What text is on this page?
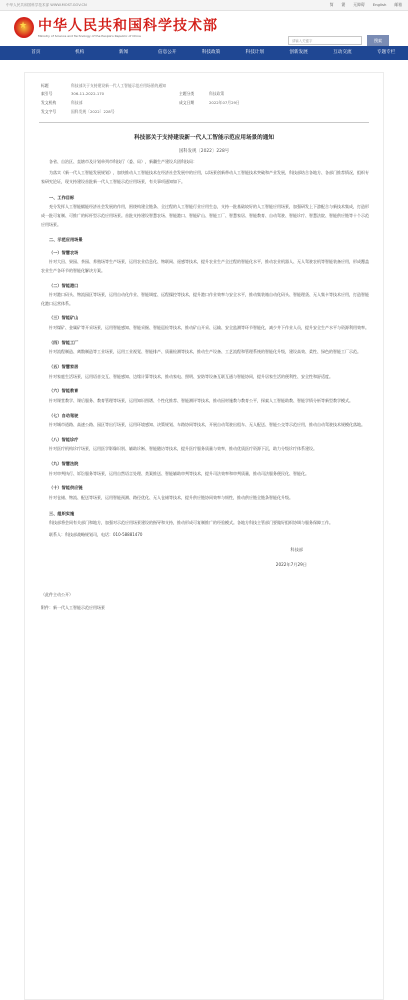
中华人民共和国科学技术部 WWW.MOST.GOV.CN	简 繁 无障碍 English 邮箱
★
中华人民共和国科学技术部
Ministry of Science and Technology of the People's Republic of China
请输入关键字	搜索
首页	机构	新闻	信息公开	科技政策	科技计划	创新发展	互动交流	专题专栏
标题	科技部关于支持建设新一代人工智能示范应用场景的通知
索引号	306-11-2022-170	主题分类	科技政策
发文机构	科技部	成文日期	2022年07月29日
发文字号	国科发规〔2022〕228号
科技部关于支持建设新一代人工智能示范应用场景的通知
国科发规〔2022〕228号
各省、自治区、直辖市及计划单列市科技厅（委、局），新疆生产建设兵团科技局：
为落实《新一代人工智能发展规划》，加快推动人工智能技术在经济社会发展中的应用，以场景创新带动人工智能技术突破和产业发展，科技部结合各地方、各部门推荐情况，组织专家研究论证，现支持建设首批新一代人工智能示范应用场景，有关事项通知如下。
一、工作目标
充分发挥人工智能赋能经济社会发展的作用，围绕构建全链条、全过程的人工智能行业应用生态，支持一批基础较好的人工智能应用场景，加强研发上下游配合与新技术集成，打造形成一批可复制、可推广的标杆型示范应用场景。首批支持建设智慧农场、智能港口、智能矿山、智能工厂、智慧家居、智能教育、自动驾驶、智能诊疗、智慧法院、智能供应链等十个示范应用场景。
二、示范应用场景
（一）智慧农场
针对大田、果园、茶园、养殖场等生产场景，运用农业信息化、物联网、遥感等技术，提升农业生产全过程的智能化水平，推动农业机器人、无人驾驶农机等智能装备应用，形成覆盖农业生产各环节的智能化解决方案。
（二）智能港口
针对港口码头、物流园区等场景，运用自动化作业、智能调度、远程操控等技术，提升港口作业效率与安全水平，推动集装箱自动化码头、智能理货、无人集卡等技术应用，打造智能化港口运营体系。
（三）智能矿山
针对煤矿、金属矿等开采场景，运用智能感知、智能采掘、智能巡检等技术，推动矿山开采、运输、安全监测等环节智能化，减少井下作业人员，提升安全生产水平与资源利用效率。
（四）智能工厂
针对流程制造、离散制造等工业场景，运用工业视觉、智能排产、质量检测等技术，推动生产设备、工艺流程和管理系统的智能化升级，建设高效、柔性、绿色的智能工厂示范。
（五）智慧家居
针对家庭生活场景，运用语音交互、智能感知、边缘计算等技术，推动家电、照明、安防等设备互联互通与智能协同，提升居家生活的便利性、安全性和舒适度。
（六）智能教育
针对课堂教学、课后服务、教育管理等场景，运用知识图谱、个性化推荐、智能测评等技术，推动因材施教与教育公平，探索人工智能助教、智能学情分析等新型教学模式。
（七）自动驾驶
针对城市道路、高速公路、园区等出行场景，运用环境感知、决策规划、车路协同等技术，开展自动驾驶出租车、无人配送、智能公交等示范应用，推动自动驾驶技术规模化落地。
（八）智能诊疗
针对医疗机构诊疗场景，运用医学影像识别、辅助诊断、智能随访等技术，提升医疗服务质量与效率，推动优质医疗资源下沉，助力分级诊疗体系建设。
（九）智慧法院
针对审判执行、诉讼服务等场景，运用自然语言处理、类案推送、智能辅助审判等技术，提升司法效率和审判质量，推动司法服务便民化、智能化。
（十）智能供应链
针对仓储、物流、配送等场景，运用智能预测、路径优化、无人仓储等技术，提升供应链协同效率与韧性，推动供应链全链条智能化升级。
三、组织实施
科技部将会同有关部门和地方，加强对示范应用场景建设的指导和支持，推动形成可复制推广的经验模式。各地方科技主管部门要做好组织协调与服务保障工作。
联系人：科技部战略规划司，电话：010-58881470
科技部
2022年7月29日
（此件主动公开）
附件：新一代人工智能示范应用场景
